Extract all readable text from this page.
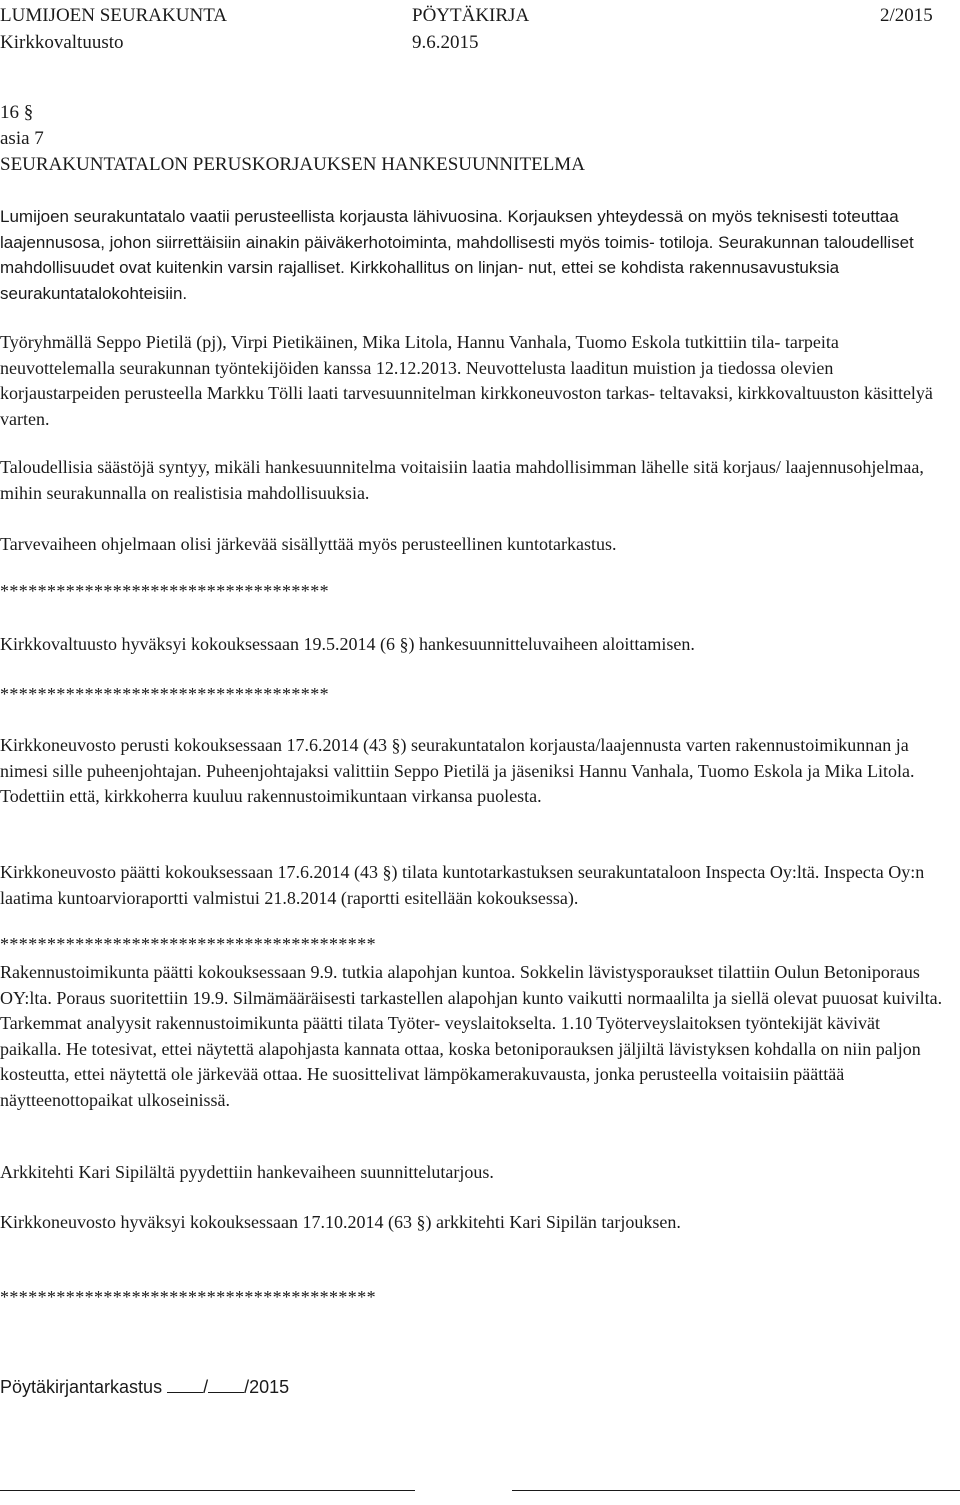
LUMIJOEN SEURAKUNTA	PÖYTÄKIRJA	2/2015
Kirkkovaltuusto	9.6.2015
16 §
asia 7
SEURAKUNTATALON PERUSKORJAUKSEN HANKESUUNNITELMA
Lumijoen seurakuntatalo vaatii perusteellista korjausta lähivuosina. Korjauksen yhteydessä on myös teknisesti toteuttaa laajennusosa, johon siirrettäisiin ainakin päiväkerhotoiminta, mahdollisesti myös toimis- totiloja. Seurakunnan taloudelliset mahdollisuudet ovat kuitenkin varsin rajalliset. Kirkkohallitus on linjan- nut, ettei se kohdista rakennusavustuksia seurakuntatalokohteisiin.
Työryhmällä Seppo Pietilä (pj), Virpi Pietikäinen, Mika Litola, Hannu Vanhala, Tuomo Eskola tutkittiin tila- tarpeita neuvottelemalla seurakunnan työntekijöiden kanssa 12.12.2013. Neuvottelusta laaditun muistion ja tiedossa olevien korjaustarpeiden perusteella Markku Tölli laati tarvesuunnitelman kirkkoneuvoston tarkas- teltavaksi, kirkkovaltuuston käsittelyä varten.
Taloudellisia säästöjä syntyy, mikäli hankesuunnitelma voitaisiin laatia mahdollisimman lähelle sitä korjaus/ laajennusohjelmaa, mihin seurakunnalla on realistisia mahdollisuuksia.
Tarvevaiheen ohjelmaan olisi järkevää sisällyttää myös perusteellinen kuntotarkastus.
***********************************
Kirkkovaltuusto hyväksyi kokouksessaan 19.5.2014 (6 §) hankesuunnitteluvaiheen aloittamisen.
***********************************
Kirkkoneuvosto perusti kokouksessaan 17.6.2014 (43 §) seurakuntatalon korjausta/laajennusta varten rakennustoimikunnan ja nimesi sille puheenjohtajan. Puheenjohtajaksi valittiin Seppo Pietilä ja jäseniksi Hannu Vanhala, Tuomo Eskola ja Mika Litola. Todettiin että, kirkkoherra kuuluu rakennustoimikuntaan virkansa puolesta.
Kirkkoneuvosto päätti kokouksessaan 17.6.2014 (43 §) tilata kuntotarkastuksen seurakuntataloon Inspecta Oy:ltä. Inspecta Oy:n laatima kuntoarvioraportti valmistui 21.8.2014 (raportti esitellään kokouksessa).
****************************************
Rakennustoimikunta päätti kokouksessaan 9.9. tutkia alapohjan kuntoa. Sokkelin lävistysporaukset tilattiin Oulun Betoniporaus OY:lta. Poraus suoritettiin 19.9. Silmämääräisesti tarkastellen alapohjan kunto vaikutti normaalilta ja siellä olevat puuosat kuivilta. Tarkemmat analyysit rakennustoimikunta päätti tilata Työter- veyslaitokselta. 1.10 Työterveyslaitoksen työntekijät kävivät paikalla. He totesivat, ettei näytettä alapohjasta kannata ottaa, koska betoniporauksen jäljiltä lävistyksen kohdalla on niin paljon kosteutta, ettei näytettä ole järkevää ottaa. He suosittelivat lämpökamerakuvausta, jonka perusteella voitaisiin päättää näytteenottopaikat ulkoseinissä.
Arkkitehti Kari Sipilältä pyydettiin hankevaiheen suunnittelutarjous.
Kirkkoneuvosto hyväksyi kokouksessaan 17.10.2014 (63 §) arkkitehti Kari Sipilän tarjouksen.
****************************************
Pöytäkirjantarkastus / /2015
